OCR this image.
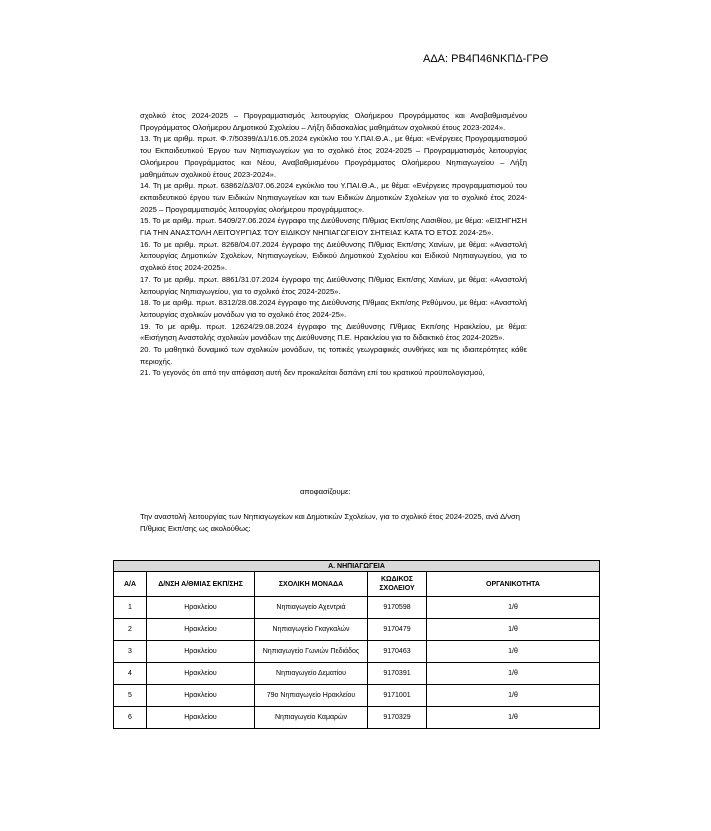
ΑΔΑ: ΡΒ4Π46ΝΚΠΔ-ΓΡΘ

σχολικό έτος 2024-2025 – Προγραμματισμός λειτουργίας Ολοήμερου Προγράμματος και Αναβαθμισμένου Προγράμματος Ολοήμερου Δημοτικού Σχολείου – Λήξη διδασκαλίας μαθημάτων σχολικού έτους 2023-2024».

13. Τη με αριθμ. πρωτ. Φ.7/50399/Δ1/16.05.2024 εγκύκλιο του Υ.ΠΑΙ.Θ.Α., με θέμα: «Ενέργειες Προγραμματισμού του Εκπαιδευτικού Έργου των Νηπιαγωγείων για το σχολικό έτος 2024-2025 – Προγραμματισμός λειτουργίας Ολοήμερου Προγράμματος και Νέου, Αναβαθμισμένου Προγράμματος Ολοήμερου Νηπιαγωγείου – Λήξη μαθημάτων σχολικού έτους 2023-2024».

14. Τη με αριθμ. πρωτ. 63862/Δ3/07.06.2024 εγκύκλιο του Υ.ΠΑΙ.Θ.Α., με θέμα: «Ενέργειες προγραμματισμού του εκπαιδευτικού έργου των Ειδικών Νηπιαγωγείων και των Ειδικών Δημοτικών Σχολείων για το σχολικό έτος 2024-2025 – Προγραμματισμός λειτουργίας ολοήμερου προγράμματος».

15. Το με αριθμ. πρωτ. 5409/27.06.2024 έγγραφο της Διεύθυνσης Π/θμιας Εκπ/σης Λασιθίου, με θέμα: «ΕΙΣΗΓΗΣΗ ΓΙΑ ΤΗΝ ΑΝΑΣΤΟΛΗ ΛΕΙΤΟΥΡΓΙΑΣ ΤΟΥ ΕΙΔΙΚΟΥ ΝΗΠΙΑΓΩΓΕΙΟΥ ΣΗΤΕΙΑΣ ΚΑΤΑ ΤΟ ΕΤΟΣ 2024-25».

16. Το με αριθμ. πρωτ. 8268/04.07.2024 έγγραφο της Διεύθυνσης Π/θμιας Εκπ/σης Χανίων, με θέμα: «Αναστολή λειτουργίας Δημοτικών Σχολείων, Νηπιαγωγείων, Ειδικού Δημοτικού Σχολείου και Ειδικού Νηπιαγωγείου, για το σχολικό έτος 2024-2025».

17. Το με αριθμ. πρωτ. 8861/31.07.2024 έγγραφο της Διεύθυνσης Π/θμιας Εκπ/σης Χανίων, με θέμα: «Αναστολή λειτουργίας Νηπιαγωγείου, για το σχολικό έτος 2024-2025».

18. Το με αριθμ. πρωτ. 8312/28.08.2024 έγγραφο της Διεύθυνσης Π/θμιας Εκπ/σης Ρεθύμνου, με θέμα: «Αναστολή λειτουργίας σχολικών μονάδων για το σχολικό έτος 2024-25».

19. Το με αριθμ. πρωτ. 12624/29.08.2024 έγγραφο της Διεύθυνσης Π/θμιας Εκπ/σης Ηρακλείου, με θέμα: «Εισήγηση Αναστολής σχολικών μονάδων της Διεύθυνσης Π.Ε. Ηρακλείου για το διδακτικό έτος 2024-2025».

20. Το μαθητικό δυναμικό των σχολικών μονάδων, τις τοπικές γεωγραφικές συνθήκες και τις ιδιαιτερότητες κάθε περιοχής.

21. Το γεγονός ότι από την απόφαση αυτή δεν προκαλείται δαπάνη επί του κρατικού προϋπολογισμού,

αποφασίζουμε:
Την αναστολή λειτουργίας των Νηπιαγωγείων και Δημοτικών Σχολείων, για το σχολικό έτος 2024-2025, ανά Δ/νση Π/θμιας Εκπ/σης ως ακολούθως:
Α. ΝΗΠΙΑΓΩΓΕΙΑ				
Α/Α	Δ/ΝΣΗ Α/ΘΜΙΑΣ ΕΚΠ/ΣΗΣ	ΣΧΟΛΙΚΗ ΜΟΝΑΔΑ	ΚΩΔΙΚΟΣ ΣΧΟΛΕΙΟΥ	ΟΡΓΑΝΙΚΟΤΗΤΑ
1	Ηρακλείου	Νηπιαγωγείο Αχεντριά	9170598	1/θ
2	Ηρακλείου	Νηπιαγωγείο Γκαγκαλών	9170479	1/θ
3	Ηρακλείου	Νηπιαγωγείο Γωνιών Πεδιάδος	9170463	1/θ
4	Ηρακλείου	Νηπιαγωγείο Δεματίου	9170391	1/θ
5	Ηρακλείου	79ο Νηπιαγωγείο Ηρακλείου	9171001	1/θ
6	Ηρακλείου	Νηπιαγωγείο Καμαρών	9170329	1/θ
